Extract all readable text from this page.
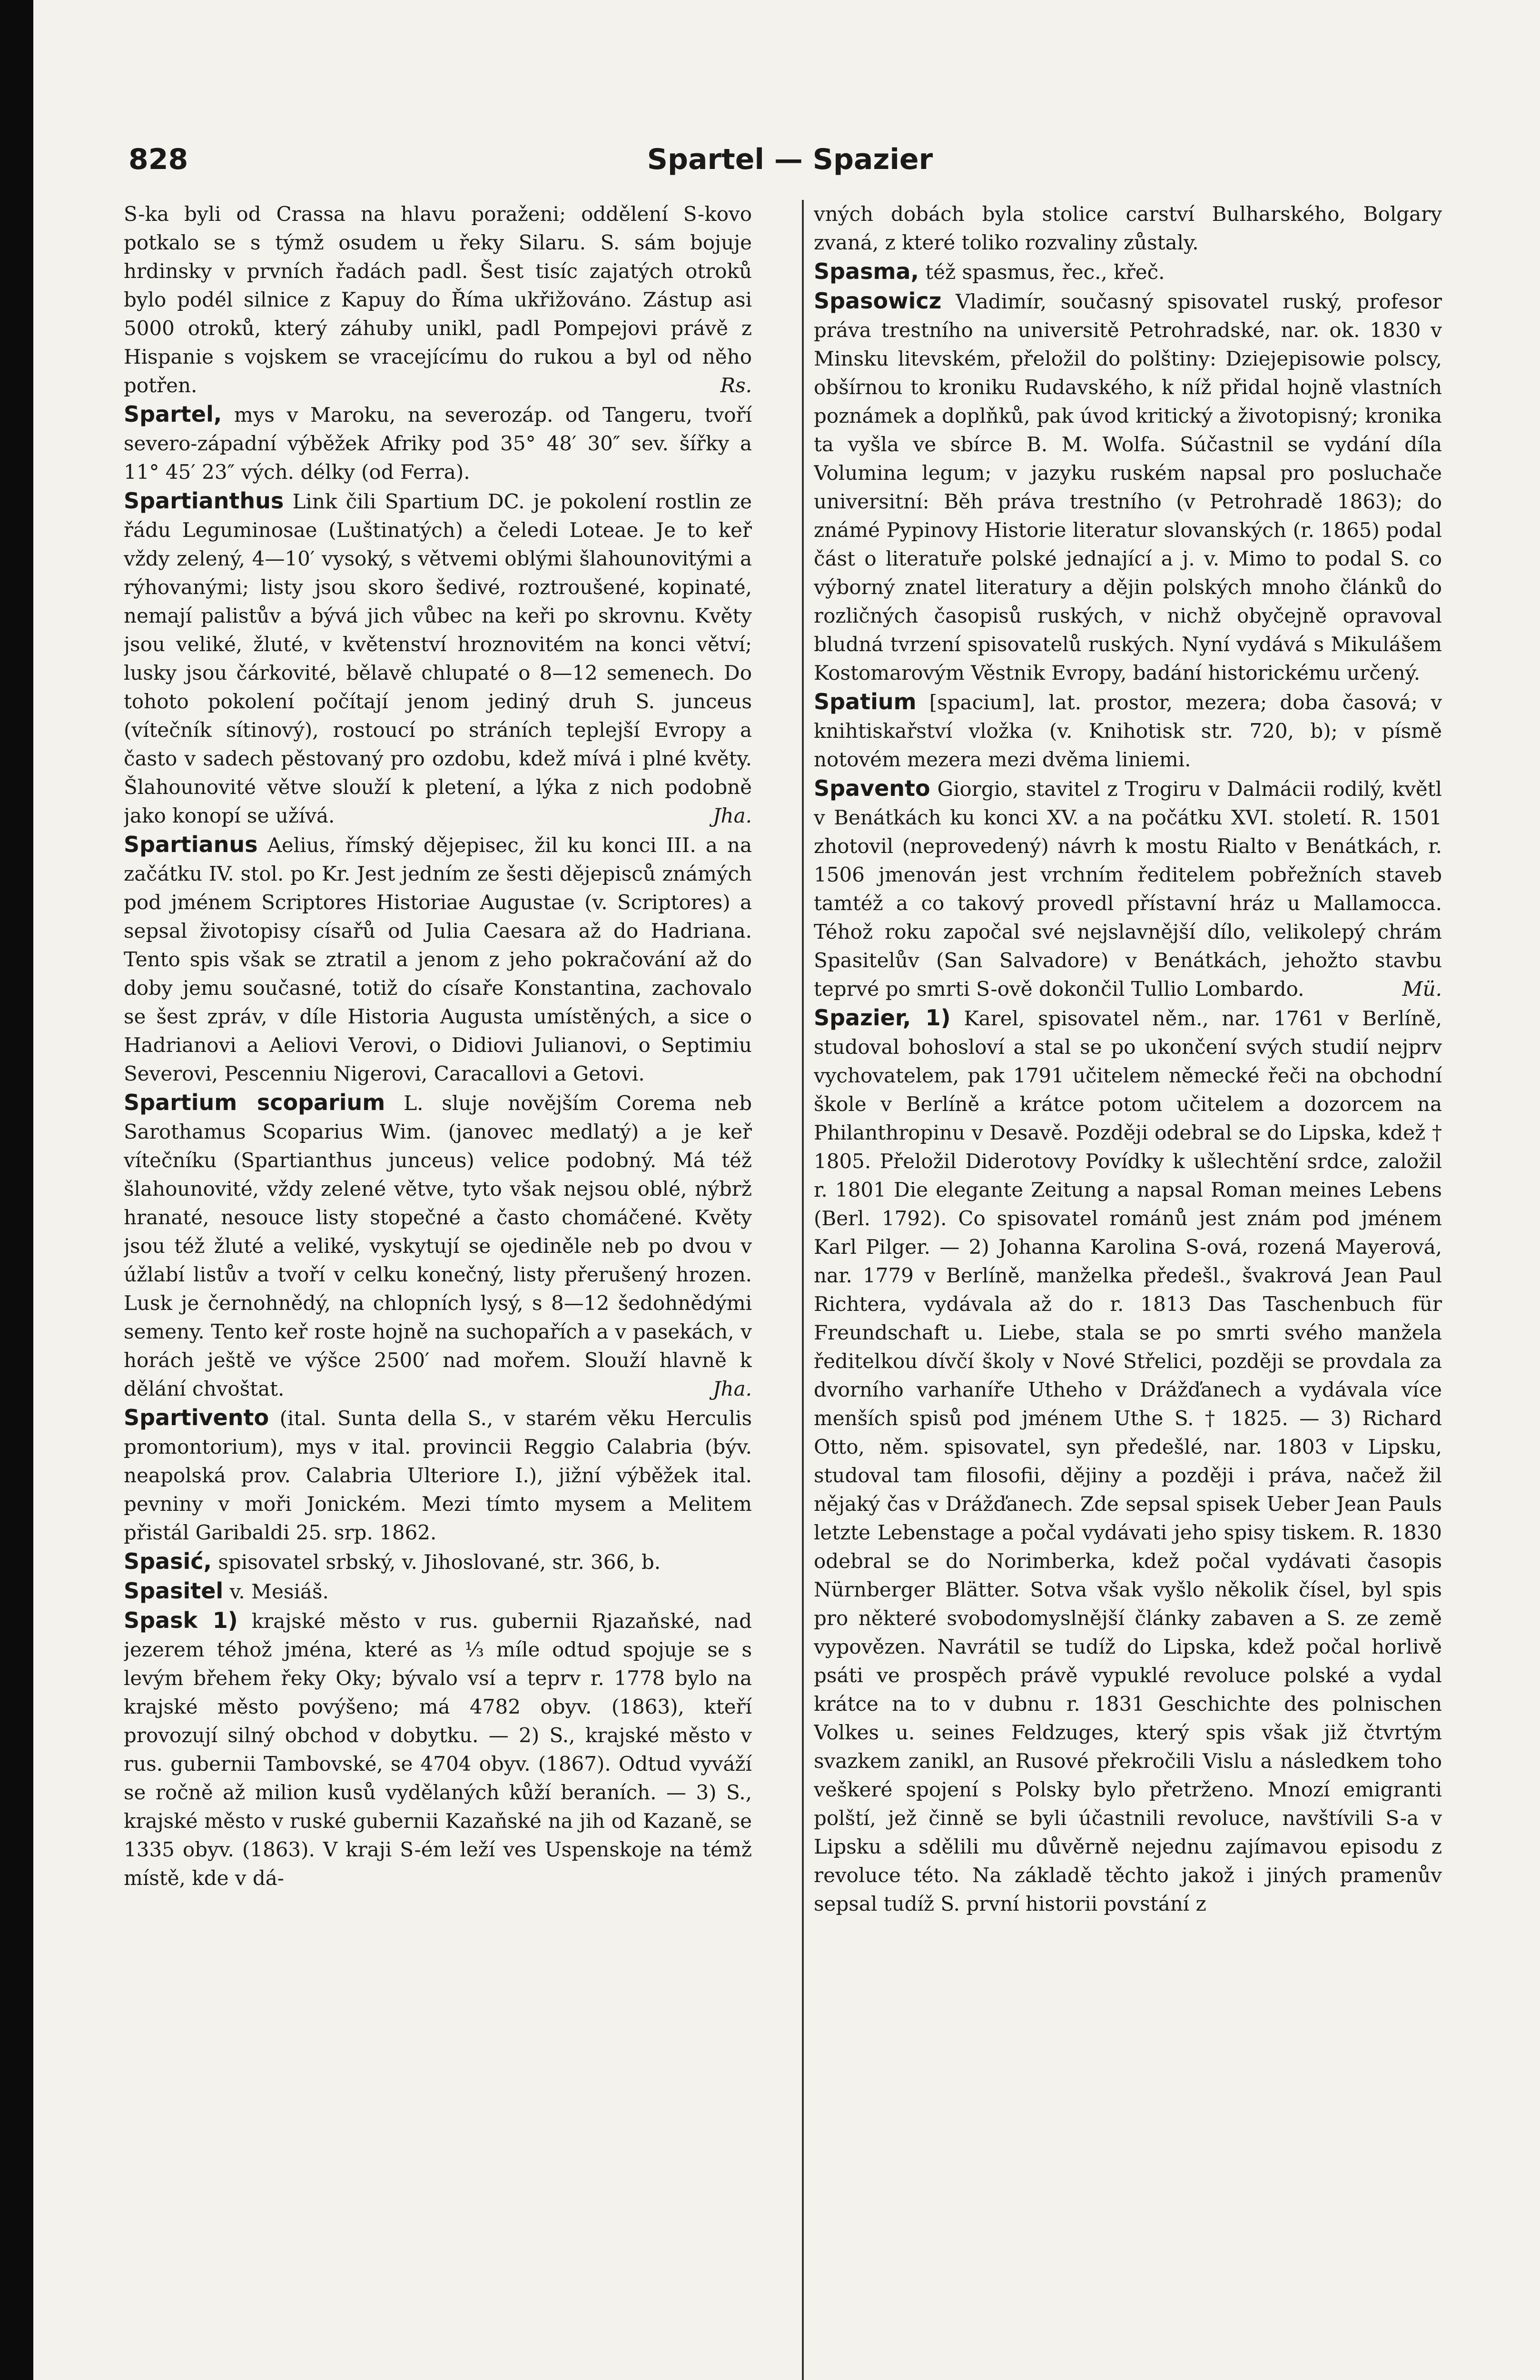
828	Spartel — Spazier

S-ka byli od Crassa na hlavu poraženi; oddělení S-kovo potkalo se s týmž osudem u řeky Silaru. S. sám bojuje hrdinsky v prvních řadách padl. Šest tisíc zajatých otroků bylo podél silnice z Kapuy do Říma ukřižováno. Zástup asi 5000 otroků, který záhuby unikl, padl Pompejovi právě z Hispanie s vojskem se vracejícímu do rukou a byl od něho potřen.	Rs.

Spartel, mys v Maroku, na severozáp. od Tangeru, tvoří severo-západní výběžek Afriky pod 35° 48′ 30″ sev. šířky a 11° 45′ 23″ vých. délky (od Ferra).

Spartianthus Link čili Spartium DC. je pokolení rostlin ze řádu Leguminosae (Luštinatých) a čeledi Loteae. Je to keř vždy zelený, 4—10′ vysoký, s větvemi oblými šlahounovitými a rýhovanými; listy jsou skoro šedivé, roztroušené, kopinaté, nemají palistův a bývá jich vůbec na keři po skrovnu. Květy jsou veliké, žluté, v květenství hroznovitém na konci větví; lusky jsou čárkovité, bělavě chlupaté o 8—12 semenech. Do tohoto pokolení počítají jenom jediný druh S. junceus (vítečník sítinový), rostoucí po stráních teplejší Evropy a často v sadech pěstovaný pro ozdobu, kdež mívá i plné květy. Šlahounovité větve slouží k pletení, a lýka z nich podobně jako konopí se užívá.	Jha.

Spartianus Aelius, římský dějepisec, žil ku konci III. a na začátku IV. stol. po Kr. Jest jedním ze šesti dějepisců známých pod jménem Scriptores Historiae Augustae (v. Scriptores) a sepsal životopisy císařů od Julia Caesara až do Hadriana. Tento spis však se ztratil a jenom z jeho pokračování až do doby jemu současné, totiž do císaře Konstantina, zachovalo se šest zpráv, v díle Historia Augusta umístěných, a sice o Hadrianovi a Aeliovi Verovi, o Didiovi Julianovi, o Septimiu Severovi, Pescenniu Nigerovi, Caracallovi a Getovi.

Spartium scoparium L. sluje novějším Corema neb Sarothamus Scoparius Wim. (janovec medlatý) a je keř vítečníku (Spartianthus junceus) velice podobný. Má též šlahounovité, vždy zelené větve, tyto však nejsou oblé, nýbrž hranaté, nesouce listy stopečné a často chomáčené. Květy jsou též žluté a veliké, vyskytují se ojediněle neb po dvou v úžlabí listův a tvoří v celku konečný, listy přerušený hrozen. Lusk je černohnědý, na chlopních lysý, s 8—12 šedohnědými semeny. Tento keř roste hojně na suchopařích a v pasekách, v horách ještě ve výšce 2500′ nad mořem. Slouží hlavně k dělání chvoštat.	Jha.

Spartivento (ital. Sunta della S., v starém věku Herculis promontorium), mys v ital. provincii Reggio Calabria (býv. neapolská prov. Calabria Ulteriore I.), jižní výběžek ital. pevniny v moři Jonickém. Mezi tímto mysem a Melitem přistál Garibaldi 25. srp. 1862.

Spasić, spisovatel srbský, v. Jihoslované, str. 366, b.

Spasitel v. Mesiáš.

Spask 1) krajské město v rus. gubernii Rjazaňské, nad jezerem téhož jména, které as ⅓ míle odtud spojuje se s levým břehem řeky Oky; bývalo vsí a teprv r. 1778 bylo na krajské město povýšeno; má 4782 obyv. (1863), kteří provozují silný obchod v dobytku. — 2) S., krajské město v rus. gubernii Tambovské, se 4704 obyv. (1867). Odtud vyváží se ročně až milion kusů vydělaných kůží beraních. — 3) S., krajské město v ruské gubernii Kazaňské na jih od Kazaně, se 1335 obyv. (1863). V kraji S-ém leží ves Uspenskoje na témž místě, kde v dá-

vných dobách byla stolice carství Bulharského, Bolgary zvaná, z které toliko rozvaliny zůstaly.

Spasma, též spasmus, řec., křeč.

Spasowicz Vladimír, současný spisovatel ruský, profesor práva trestního na universitě Petrohradské, nar. ok. 1830 v Minsku litevském, přeložil do polštiny: Dziejepisowie polscy, obšírnou to kroniku Rudavského, k níž přidal hojně vlastních poznámek a doplňků, pak úvod kritický a životopisný; kronika ta vyšla ve sbírce B. M. Wolfa. Súčastnil se vydání díla Volumina legum; v jazyku ruském napsal pro posluchače universitní: Běh práva trestního (v Petrohradě 1863); do známé Pypinovy Historie literatur slovanských (r. 1865) podal část o literatuře polské jednající a j. v. Mimo to podal S. co výborný znatel literatury a dějin polských mnoho článků do rozličných časopisů ruských, v nichž obyčejně opravoval bludná tvrzení spisovatelů ruských. Nyní vydává s Mikulášem Kostomarovým Věstnik Evropy, badání historickému určený.

Spatium [spacium], lat. prostor, mezera; doba časová; v knihtiskařství vložka (v. Knihotisk str. 720, b); v písmě notovém mezera mezi dvěma liniemi.

Spavento Giorgio, stavitel z Trogiru v Dalmácii rodilý, květl v Benátkách ku konci XV. a na počátku XVI. století. R. 1501 zhotovil (neprovedený) návrh k mostu Rialto v Benátkách, r. 1506 jmenován jest vrchním ředitelem pobřežních staveb tamtéž a co takový provedl přístavní hráz u Mallamocca. Téhož roku započal své nejslavnější dílo, velikolepý chrám Spasitelův (San Salvadore) v Benátkách, jehožto stavbu teprvé po smrti S-ově dokončil Tullio Lombardo.	Mü.

Spazier, 1) Karel, spisovatel něm., nar. 1761 v Berlíně, studoval bohosloví a stal se po ukončení svých studií nejprv vychovatelem, pak 1791 učitelem německé řeči na obchodní škole v Berlíně a krátce potom učitelem a dozorcem na Philanthropinu v Desavě. Později odebral se do Lipska, kdež † 1805. Přeložil Diderotovy Povídky k ušlechtění srdce, založil r. 1801 Die elegante Zeitung a napsal Roman meines Lebens (Berl. 1792). Co spisovatel románů jest znám pod jménem Karl Pilger. — 2) Johanna Karolina S-ová, rozená Mayerová, nar. 1779 v Berlíně, manželka předešl., švakrová Jean Paul Richtera, vydávala až do r. 1813 Das Taschenbuch für Freundschaft u. Liebe, stala se po smrti svého manžela ředitelkou dívčí školy v Nové Střelici, později se provdala za dvorního varhaníře Utheho v Drážďanech a vydávala více menších spisů pod jménem Uthe S. † 1825. — 3) Richard Otto, něm. spisovatel, syn předešlé, nar. 1803 v Lipsku, studoval tam filosofii, dějiny a později i práva, načež žil nějaký čas v Drážďanech. Zde sepsal spisek Ueber Jean Pauls letzte Lebenstage a počal vydávati jeho spisy tiskem. R. 1830 odebral se do Norimberka, kdež počal vydávati časopis Nürnberger Blätter. Sotva však vyšlo několik čísel, byl spis pro některé svobodomyslnější články zabaven a S. ze země vypovězen. Navrátil se tudíž do Lipska, kdež počal horlivě psáti ve prospěch právě vypuklé revoluce polské a vydal krátce na to v dubnu r. 1831 Geschichte des polnischen Volkes u. seines Feldzuges, který spis však již čtvrtým svazkem zanikl, an Rusové překročili Vislu a následkem toho veškeré spojení s Polsky bylo přetrženo. Mnozí emigranti polští, jež činně se byli účastnili revoluce, navštívili S-a v Lipsku a sdělili mu důvěrně nejednu zajímavou episodu z revoluce této. Na základě těchto jakož i jiných pramenův sepsal tudíž S. první historii povstání z
